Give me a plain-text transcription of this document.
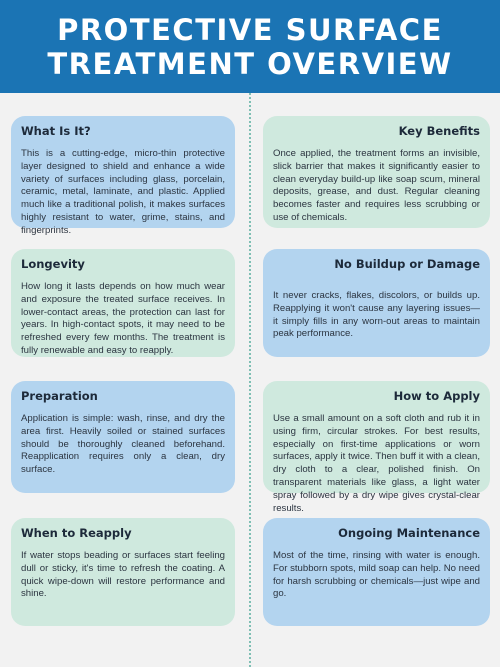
PROTECTIVE SURFACE
TREATMENT OVERVIEW
What Is It?

This is a cutting-edge, micro-thin protective layer designed to shield and enhance a wide variety of surfaces including glass, porcelain, ceramic, metal, laminate, and plastic. Applied much like a traditional polish, it makes surfaces highly resistant to water, grime, stains, and fingerprints.

Key Benefits

Once applied, the treatment forms an invisible, slick barrier that makes it significantly easier to clean everyday build-up like soap scum, mineral deposits, grease, and dust. Regular cleaning becomes faster and requires less scrubbing or use of chemicals.

Longevity

How long it lasts depends on how much wear and exposure the treated surface receives. In lower-contact areas, the protection can last for years. In high-contact spots, it may need to be refreshed every few months. The treatment is fully renewable and easy to reapply.

No Buildup or Damage

It never cracks, flakes, discolors, or builds up. Reapplying it won't cause any layering issues—it simply fills in any worn-out areas to maintain peak performance.

Preparation

Application is simple: wash, rinse, and dry the area first. Heavily soiled or stained surfaces should be thoroughly cleaned beforehand. Reapplication requires only a clean, dry surface.

How to Apply

Use a small amount on a soft cloth and rub it in using firm, circular strokes. For best results, especially on first-time applications or worn surfaces, apply it twice. Then buff it with a clean, dry cloth to a clear, polished finish. On transparent materials like glass, a light water spray followed by a dry wipe gives crystal-clear results.

When to Reapply

If water stops beading or surfaces start feeling dull or sticky, it's time to refresh the coating. A quick wipe-down will restore performance and shine.

Ongoing Maintenance

Most of the time, rinsing with water is enough. For stubborn spots, mild soap can help. No need for harsh scrubbing or chemicals—just wipe and go.
